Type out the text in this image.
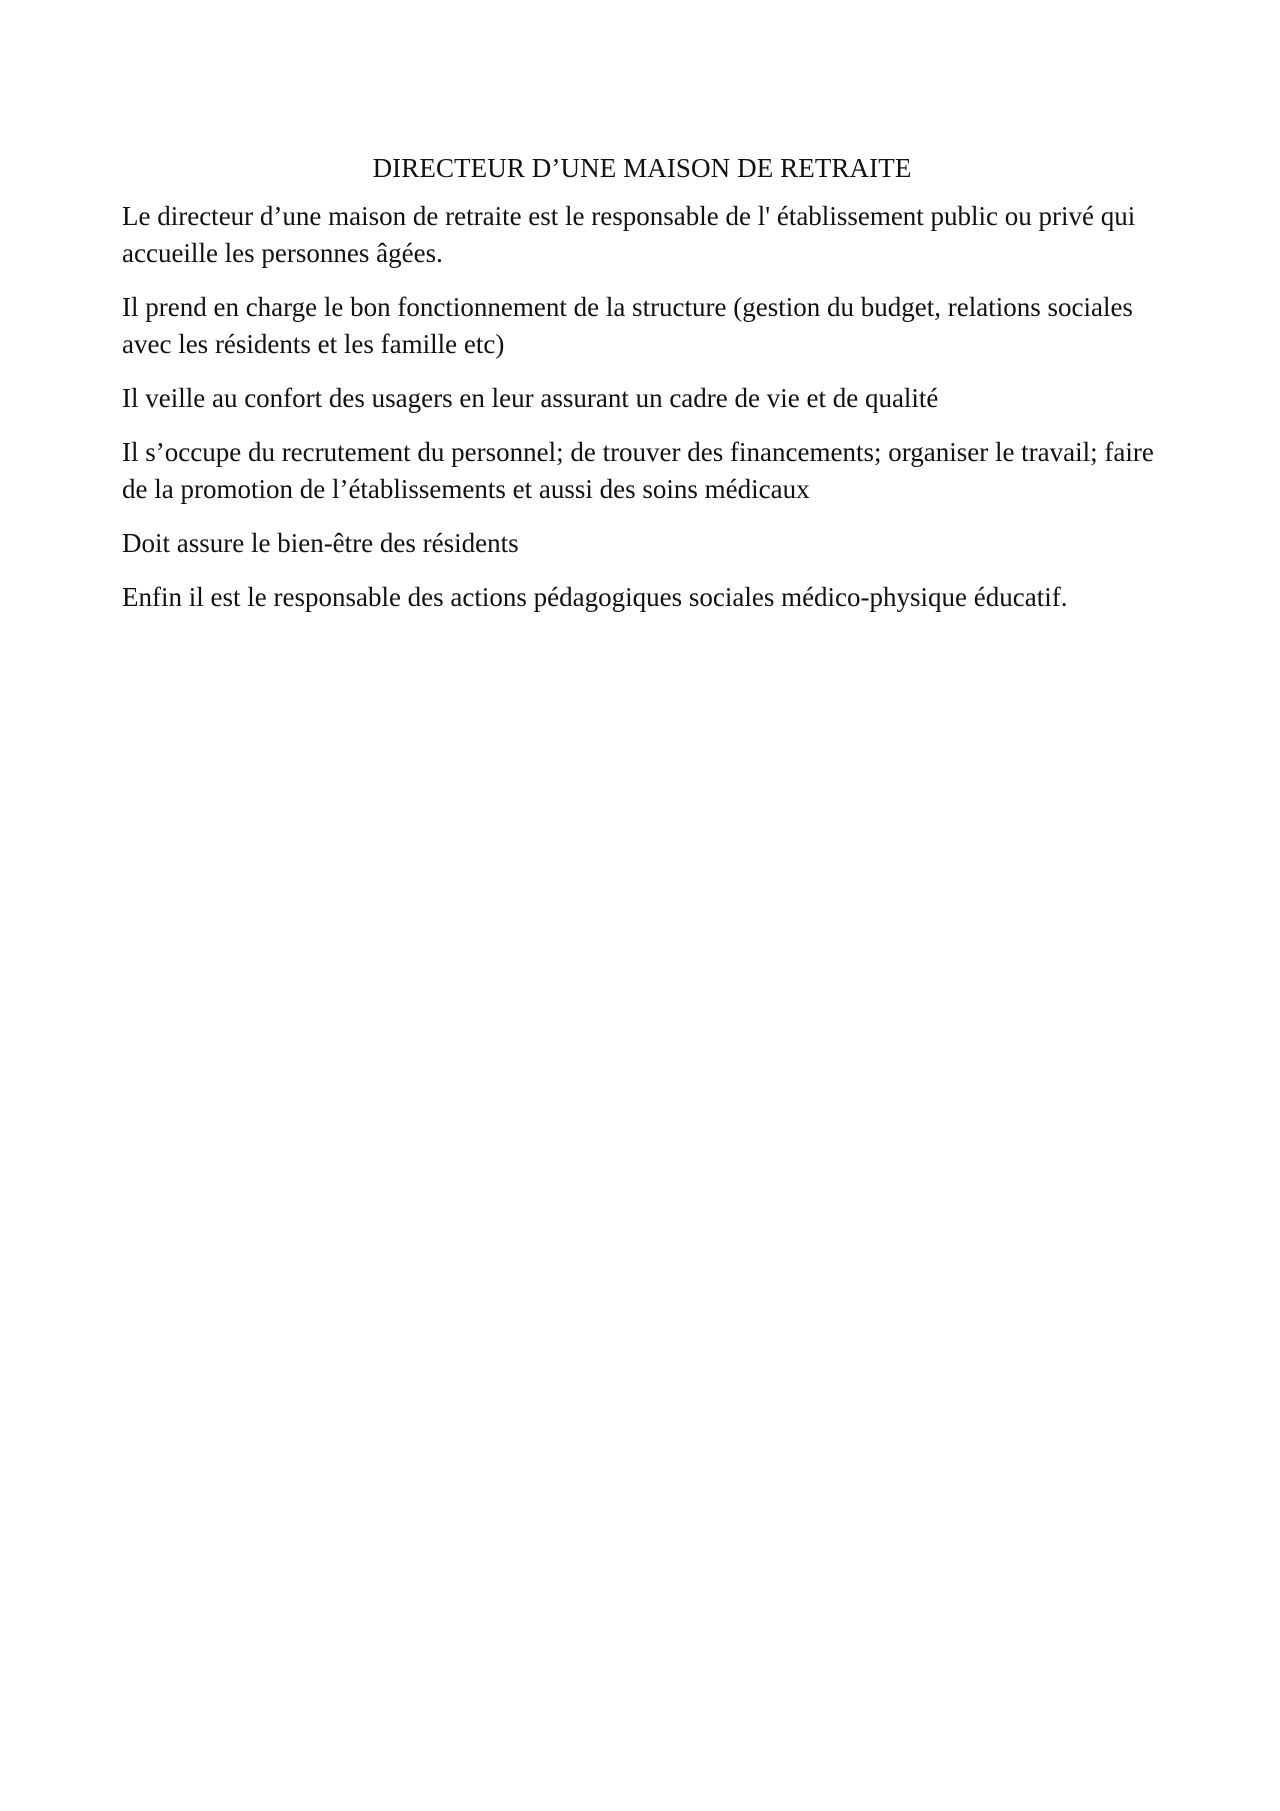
DIRECTEUR D’UNE MAISON DE RETRAITE

Le directeur d’une maison de retraite est le responsable de l' établissement public ou privé qui accueille les personnes âgées.

Il prend en charge le bon fonctionnement de la structure (gestion du budget, relations sociales avec les résidents et les famille etc)

Il veille au confort des usagers en leur assurant un cadre de vie et de qualité

Il s’occupe du recrutement du personnel; de trouver des financements; organiser le travail; faire de la promotion de l’établissements et aussi des soins médicaux

Doit assure le bien-être des résidents

Enfin il est le responsable des actions pédagogiques sociales médico-physique éducatif.
